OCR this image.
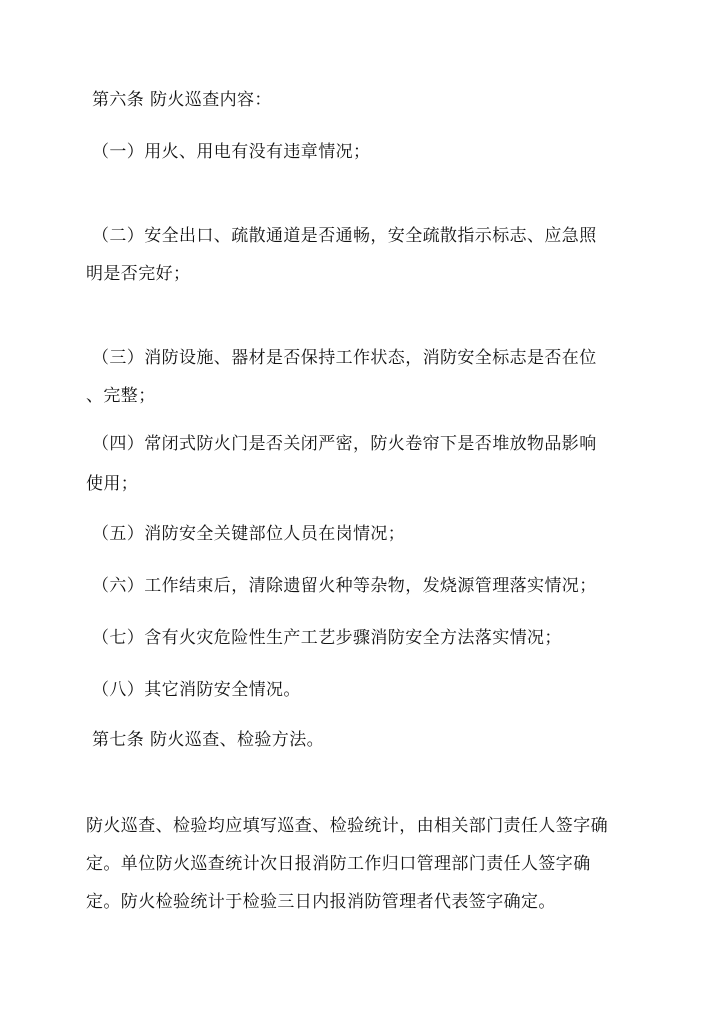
第六条 防火巡查内容：
（一）用火、用电有没有违章情况；
（二）安全出口、疏散通道是否通畅，安全疏散指示标志、应急照
明是否完好；
（三）消防设施、器材是否保持工作状态，消防安全标志是否在位
、完整；
（四）常闭式防火门是否关闭严密，防火卷帘下是否堆放物品影响
使用；
（五）消防安全关键部位人员在岗情况；
（六）工作结束后，清除遗留火种等杂物，发烧源管理落实情况；
（七）含有火灾危险性生产工艺步骤消防安全方法落实情况；
（八）其它消防安全情况。
第七条 防火巡查、检验方法。
防火巡查、检验均应填写巡查、检验统计，由相关部门责任人签字确
定。单位防火巡查统计次日报消防工作归口管理部门责任人签字确
定。防火检验统计于检验三日内报消防管理者代表签字确定。
